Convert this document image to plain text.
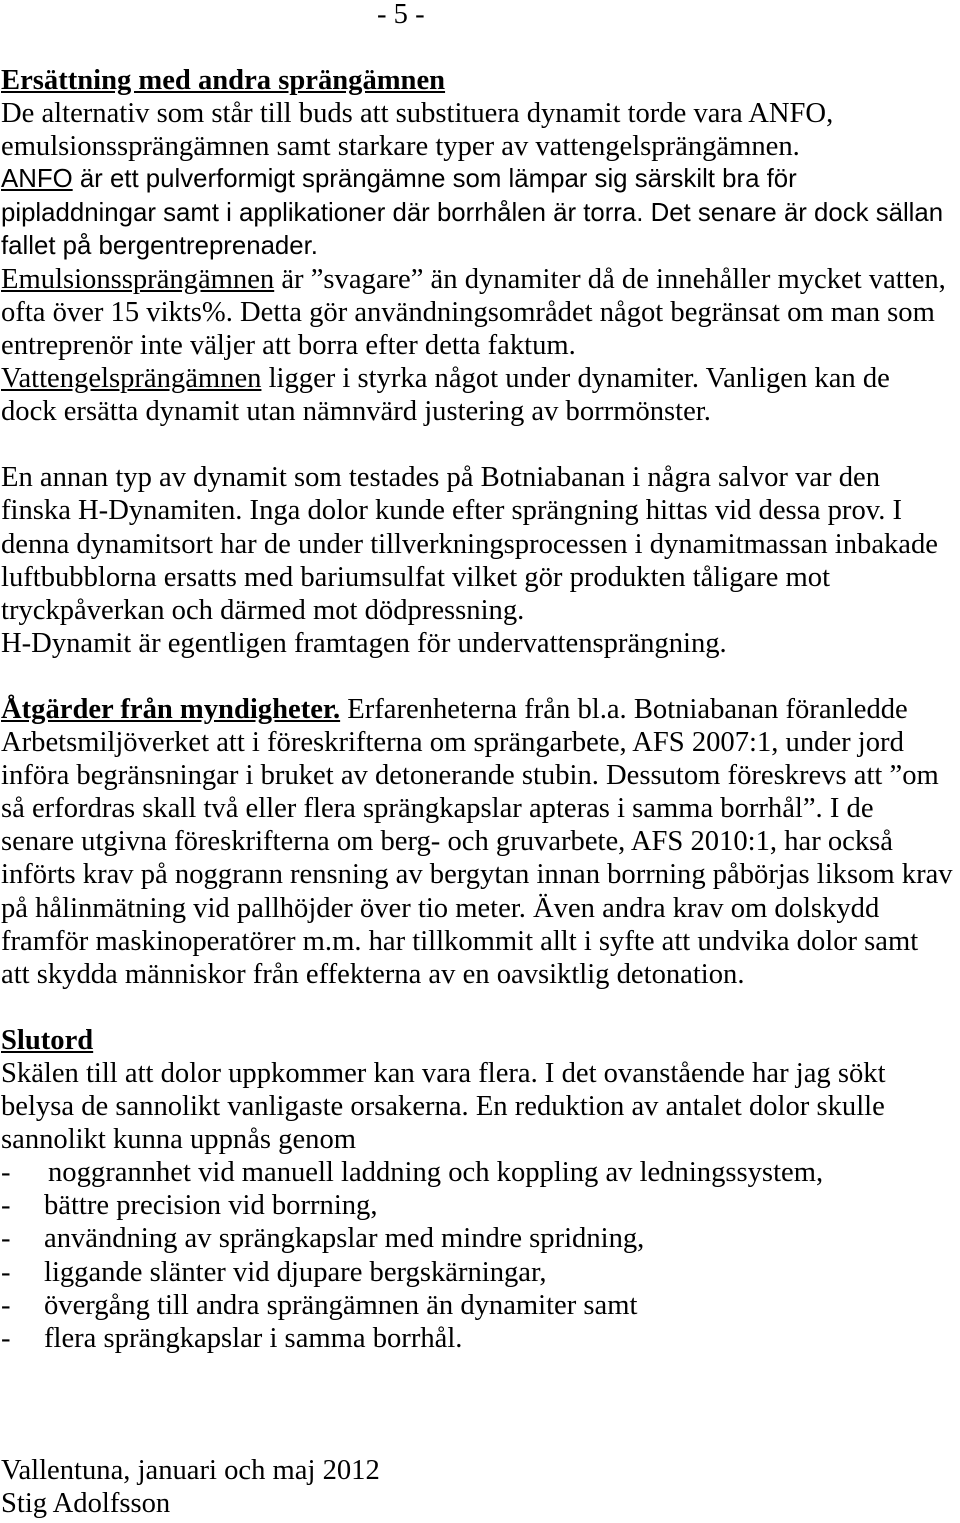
- 5 -
Ersättning med andra sprängämnen
De alternativ som står till buds att substituera dynamit torde vara ANFO,
emulsionssprängämnen samt starkare typer av vattengelsprängämnen.
ANFO är ett pulverformigt sprängämne som lämpar sig särskilt bra för
pipladdningar samt i applikationer där borrhålen är torra. Det senare är dock sällan
fallet på bergentreprenader.
Emulsionssprängämnen är ”svagare” än dynamiter då de innehåller mycket vatten,
ofta över 15 vikts%. Detta gör användningsområdet något begränsat om man som
entreprenör inte väljer att borra efter detta faktum.
Vattengelsprängämnen ligger i styrka något under dynamiter. Vanligen kan de
dock ersätta dynamit utan nämnvärd justering av borrmönster.
En annan typ av dynamit som testades på Botniabanan i några salvor var den
finska H-Dynamiten. Inga dolor kunde efter sprängning hittas vid dessa prov. I
denna dynamitsort har de under tillverkningsprocessen i dynamitmassan inbakade
luftbubblorna ersatts med bariumsulfat vilket gör produkten tåligare mot
tryckpåverkan och därmed mot dödpressning.
H-Dynamit är egentligen framtagen för undervattensprängning.
Åtgärder från myndigheter. Erfarenheterna från bl.a. Botniabanan föranledde
Arbetsmiljöverket att i föreskrifterna om sprängarbete, AFS 2007:1, under jord
införa begränsningar i bruket av detonerande stubin. Dessutom föreskrevs att ”om
så erfordras skall två eller flera sprängkapslar apteras i samma borrhål”. I de
senare utgivna föreskrifterna om berg- och gruvarbete, AFS 2010:1, har också
införts krav på noggrann rensning av bergytan innan borrning påbörjas liksom krav
på hålinmätning vid pallhöjder över tio meter. Även andra krav om dolskydd
framför maskinoperatörer m.m. har tillkommit allt i syfte att undvika dolor samt
att skydda människor från effekterna av en oavsiktlig detonation.
Slutord
Skälen till att dolor uppkommer kan vara flera. I det ovanstående har jag sökt
belysa de sannolikt vanligaste orsakerna. En reduktion av antalet dolor skulle
sannolikt kunna uppnås genom
- noggrannhet vid manuell laddning och koppling av ledningssystem,
- bättre precision vid borrning,
- användning av sprängkapslar med mindre spridning,
- liggande slänter vid djupare bergskärningar,
- övergång till andra sprängämnen än dynamiter samt
- flera sprängkapslar i samma borrhål.
Vallentuna, januari och maj 2012
Stig Adolfsson
